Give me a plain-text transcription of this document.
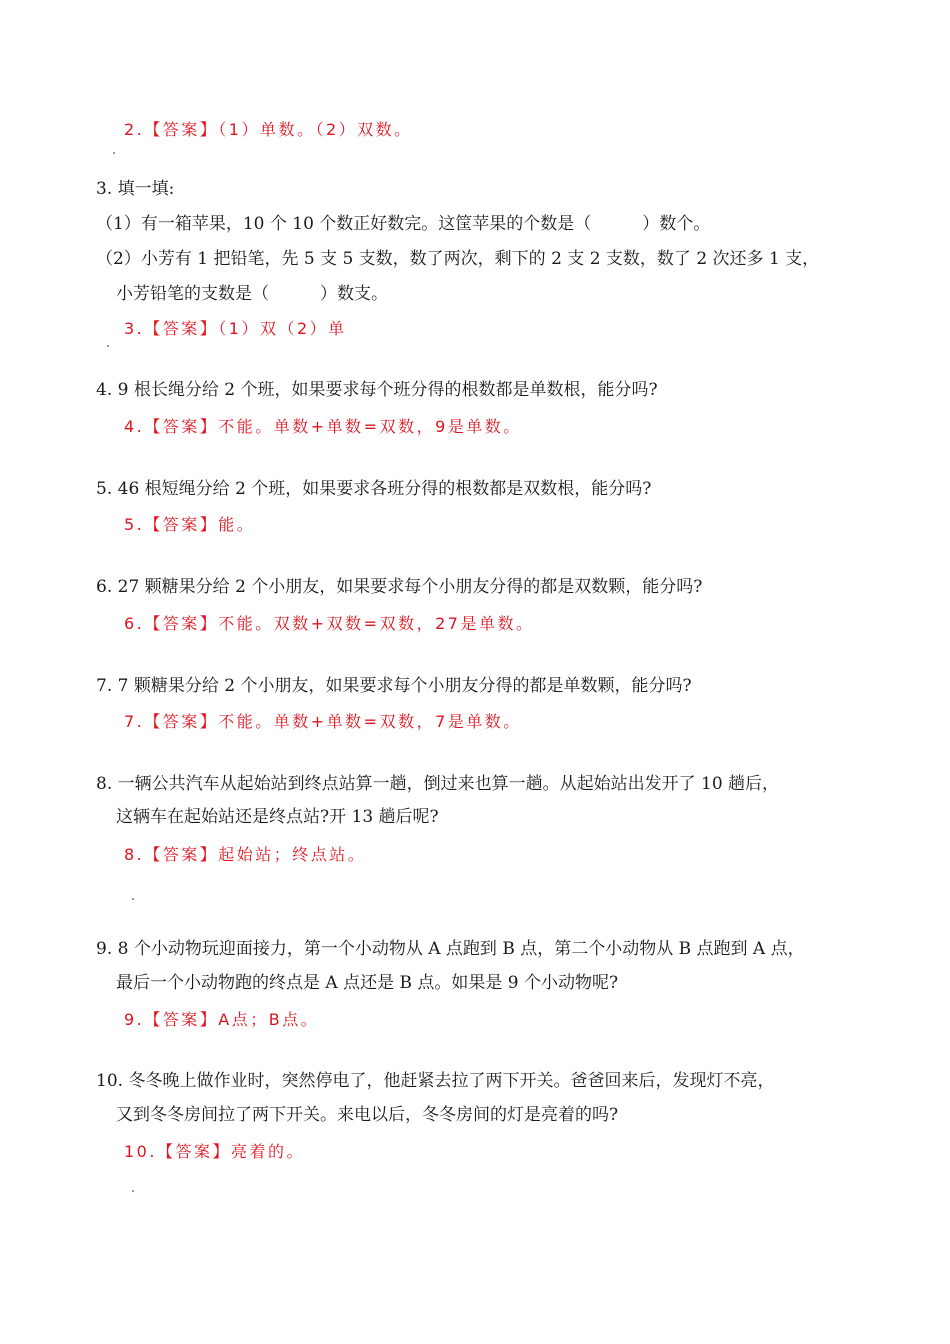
2.【答案】（1）单数。（2）双数。
3. 填一填:
（1）有一箱苹果，10 个 10 个数正好数完。这筐苹果的个数是（　　　）数个。
（2）小芳有 1 把铅笔，先 5 支 5 支数，数了两次，剩下的 2 支 2 支数，数了 2 次还多 1 支，
小芳铅笔的支数是（　　　）数支。
3.【答案】（1）双（2）单
4. 9 根长绳分给 2 个班，如果要求每个班分得的根数都是单数根，能分吗?
4.【答案】不能。单数+单数=双数，9是单数。
5. 46 根短绳分给 2 个班，如果要求各班分得的根数都是双数根，能分吗?
5.【答案】能。
6. 27 颗糖果分给 2 个小朋友，如果要求每个小朋友分得的都是双数颗，能分吗?
6.【答案】不能。双数+双数=双数，27是单数。
7. 7 颗糖果分给 2 个小朋友，如果要求每个小朋友分得的都是单数颗，能分吗?
7.【答案】不能。单数+单数=双数，7是单数。
8. 一辆公共汽车从起始站到终点站算一趟，倒过来也算一趟。从起始站出发开了 10 趟后，
这辆车在起始站还是终点站?开 13 趟后呢?
8.【答案】起始站；终点站。
9. 8 个小动物玩迎面接力，第一个小动物从 A 点跑到 B 点，第二个小动物从 B 点跑到 A 点，
最后一个小动物跑的终点是 A 点还是 B 点。如果是 9 个小动物呢?
9.【答案】A点；B点。
10. 冬冬晚上做作业时，突然停电了，他赶紧去拉了两下开关。爸爸回来后，发现灯不亮，
又到冬冬房间拉了两下开关。来电以后，冬冬房间的灯是亮着的吗?
10.【答案】亮着的。
